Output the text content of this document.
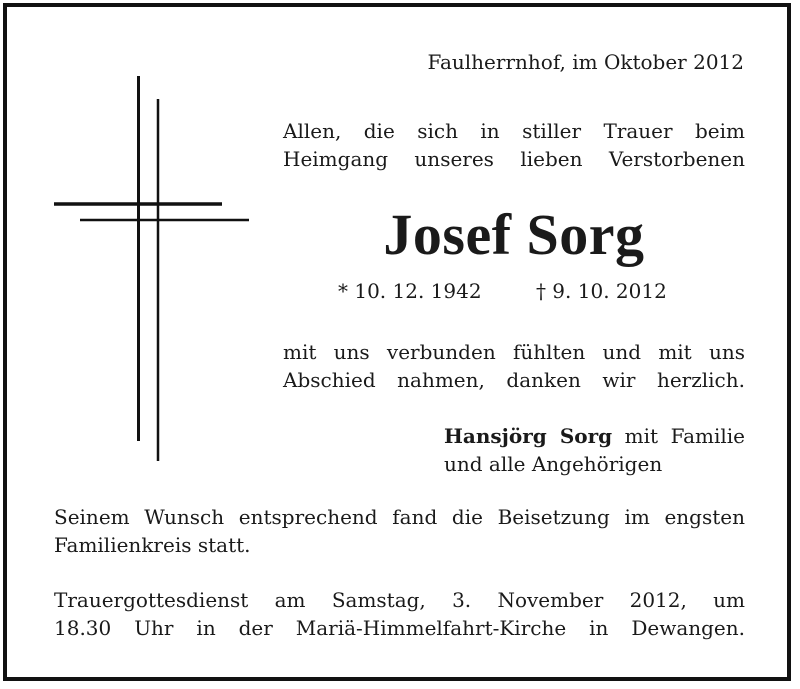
Faulherrnhof, im Oktober 2012
Allen, die sich in stiller Trauer beim
Heimgang unseres lieben Verstorbenen
Josef Sorg
* 10. 12. 1942	† 9. 10. 2012
mit uns verbunden fühlten und mit uns
Abschied nahmen, danken wir herzlich.
Hansjörg Sorg mit Familie
und alle Angehörigen
Seinem Wunsch entsprechend fand die Beisetzung im engsten
Familienkreis statt.
Trauergottesdienst am Samstag, 3. November 2012, um
18.30 Uhr in der Mariä-Himmelfahrt-Kirche in Dewangen.
